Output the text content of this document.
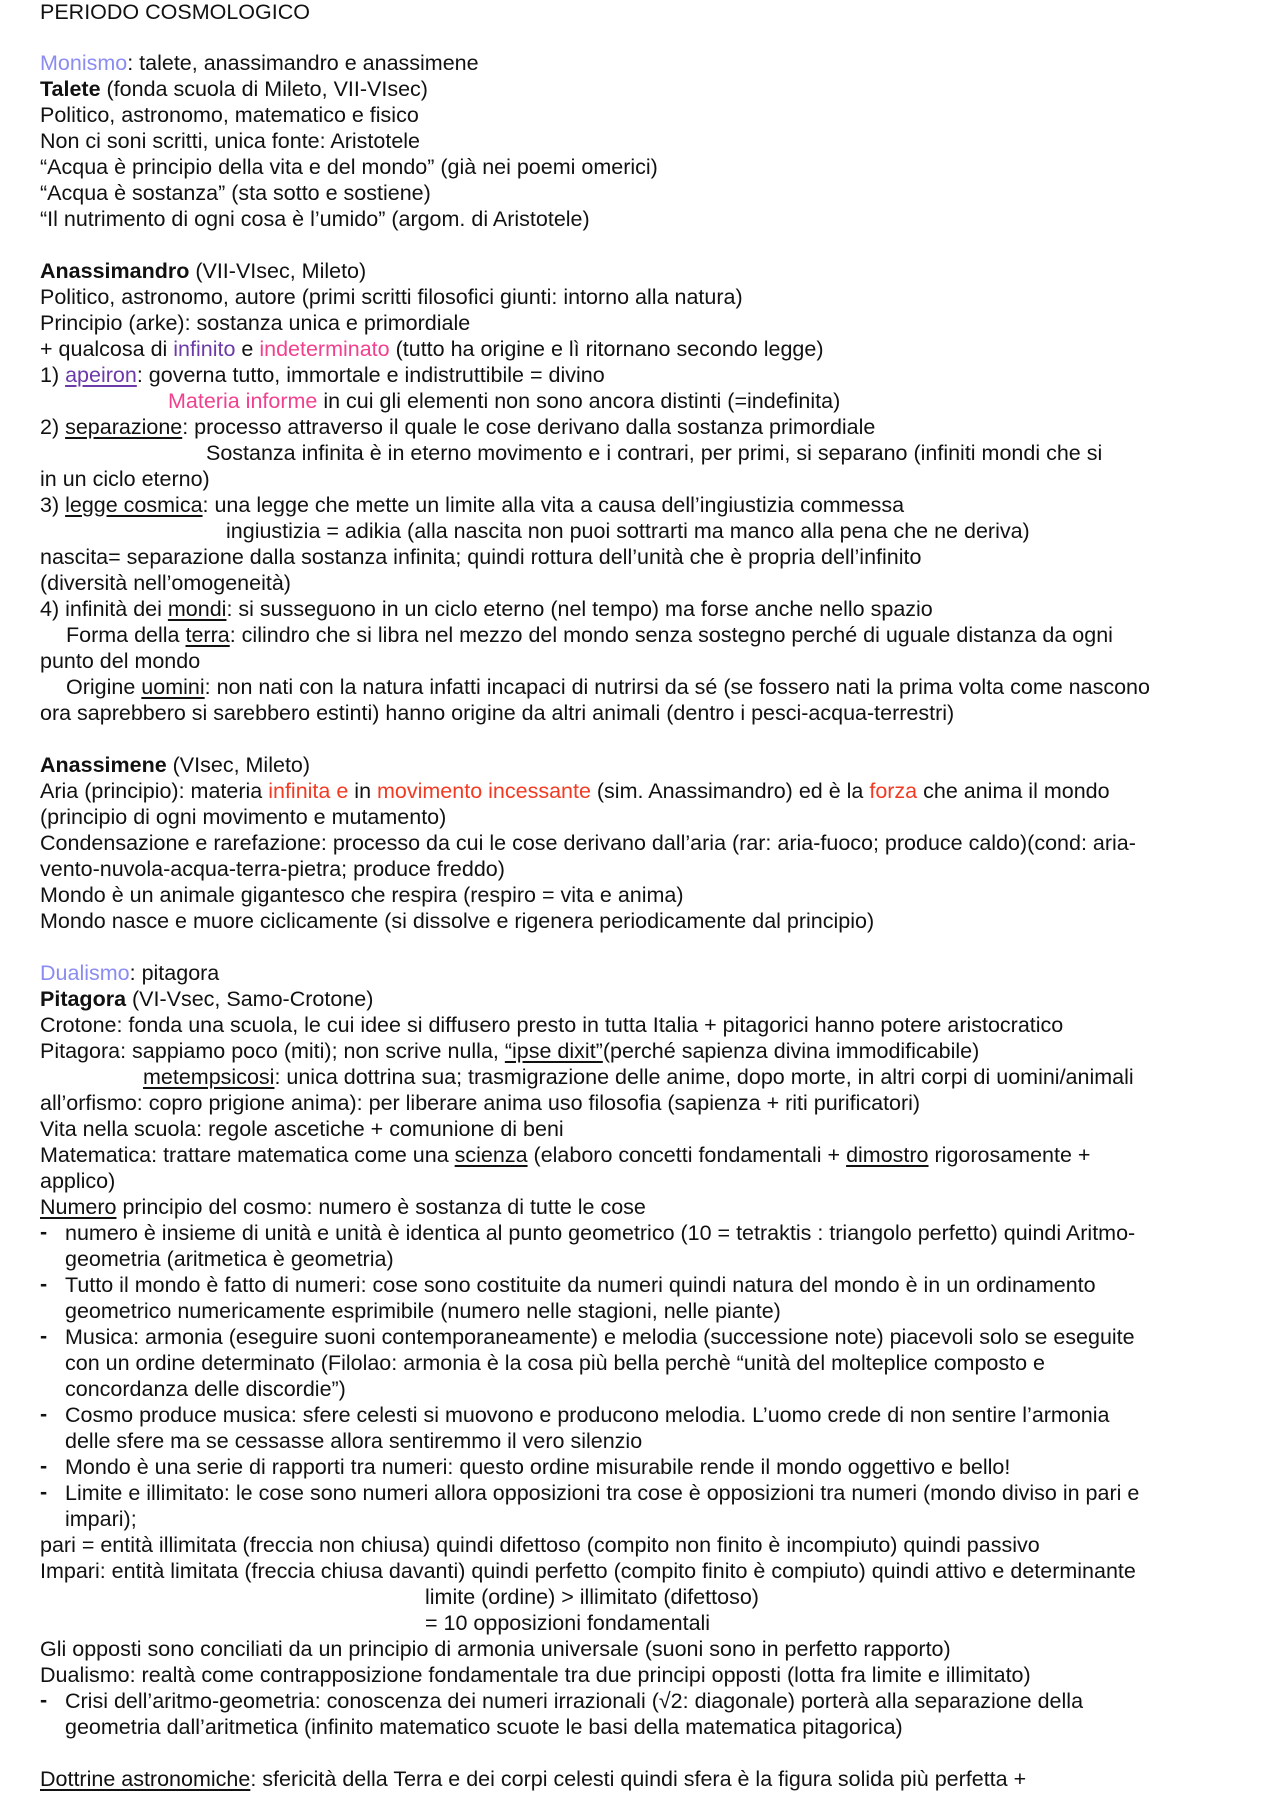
PERIODO COSMOLOGICO
Monismo: talete, anassimandro e anassimene
Talete (fonda scuola di Mileto, VII-VIsec)
Politico, astronomo, matematico e fisico
Non ci soni scritti, unica fonte: Aristotele
“Acqua è principio della vita e del mondo” (già nei poemi omerici)
“Acqua è sostanza” (sta sotto e sostiene)
“Il nutrimento di ogni cosa è l’umido” (argom. di Aristotele)
Anassimandro (VII-VIsec, Mileto)
Politico, astronomo, autore (primi scritti filosofici giunti: intorno alla natura)
Principio (arke): sostanza unica e primordiale
+ qualcosa di infinito e indeterminato (tutto ha origine e lì ritornano secondo legge)
1) apeiron: governa tutto, immortale e indistruttibile = divino
Materia informe in cui gli elementi non sono ancora distinti (=indefinita)
2) separazione: processo attraverso il quale le cose derivano dalla sostanza primordiale
Sostanza infinita è in eterno movimento e i contrari, per primi, si separano (infiniti mondi che si
in un ciclo eterno)
3) legge cosmica: una legge che mette un limite alla vita a causa dell’ingiustizia commessa
ingiustizia = adikia (alla nascita non puoi sottrarti ma manco alla pena che ne deriva)
nascita= separazione dalla sostanza infinita; quindi rottura dell’unità che è propria dell’infinito
(diversità nell’omogeneità)
4) infinità dei mondi: si susseguono in un ciclo eterno (nel tempo) ma forse anche nello spazio
Forma della terra: cilindro che si libra nel mezzo del mondo senza sostegno perché di uguale distanza da ogni
punto del mondo
Origine uomini: non nati con la natura infatti incapaci di nutrirsi da sé (se fossero nati la prima volta come nascono
ora saprebbero si sarebbero estinti) hanno origine da altri animali (dentro i pesci-acqua-terrestri)
Anassimene (VIsec, Mileto)
Aria (principio): materia infinita e in movimento incessante (sim. Anassimandro) ed è la forza che anima il mondo
(principio di ogni movimento e mutamento)
Condensazione e rarefazione: processo da cui le cose derivano dall’aria (rar: aria-fuoco; produce caldo)(cond: aria-
vento-nuvola-acqua-terra-pietra; produce freddo)
Mondo è un animale gigantesco che respira (respiro = vita e anima)
Mondo nasce e muore ciclicamente (si dissolve e rigenera periodicamente dal principio)
Dualismo: pitagora
Pitagora (VI-Vsec, Samo-Crotone)
Crotone: fonda una scuola, le cui idee si diffusero presto in tutta Italia + pitagorici hanno potere aristocratico
Pitagora: sappiamo poco (miti); non scrive nulla, “ipse dixit”(perché sapienza divina immodificabile)
metempsicosi: unica dottrina sua; trasmigrazione delle anime, dopo morte, in altri corpi di uomini/animali
all’orfismo: copro prigione anima): per liberare anima uso filosofia (sapienza + riti purificatori)
Vita nella scuola: regole ascetiche + comunione di beni
Matematica: trattare matematica come una scienza (elaboro concetti fondamentali + dimostro rigorosamente +
applico)
Numero principio del cosmo: numero è sostanza di tutte le cose
- numero è insieme di unità e unità è identica al punto geometrico (10 = tetraktis : triangolo perfetto) quindi Aritmo-
geometria (aritmetica è geometria)
- Tutto il mondo è fatto di numeri: cose sono costituite da numeri quindi natura del mondo è in un ordinamento
geometrico numericamente esprimibile (numero nelle stagioni, nelle piante)
- Musica: armonia (eseguire suoni contemporaneamente) e melodia (successione note) piacevoli solo se eseguite
con un ordine determinato (Filolao: armonia è la cosa più bella perchè “unità del molteplice composto e
concordanza delle discordie”)
- Cosmo produce musica: sfere celesti si muovono e producono melodia. L’uomo crede di non sentire l’armonia
delle sfere ma se cessasse allora sentiremmo il vero silenzio
- Mondo è una serie di rapporti tra numeri: questo ordine misurabile rende il mondo oggettivo e bello!
- Limite e illimitato: le cose sono numeri allora opposizioni tra cose è opposizioni tra numeri (mondo diviso in pari e
impari);
pari = entità illimitata (freccia non chiusa) quindi difettoso (compito non finito è incompiuto) quindi passivo
Impari: entità limitata (freccia chiusa davanti) quindi perfetto (compito finito è compiuto) quindi attivo e determinante
limite (ordine) > illimitato (difettoso)
= 10 opposizioni fondamentali
Gli opposti sono conciliati da un principio di armonia universale (suoni sono in perfetto rapporto)
Dualismo: realtà come contrapposizione fondamentale tra due principi opposti (lotta fra limite e illimitato)
- Crisi dell’aritmo-geometria: conoscenza dei numeri irrazionali (√2: diagonale) porterà alla separazione della
geometria dall’aritmetica (infinito matematico scuote le basi della matematica pitagorica)
Dottrine astronomiche: sfericità della Terra e dei corpi celesti quindi sfera è la figura solida più perfetta +
